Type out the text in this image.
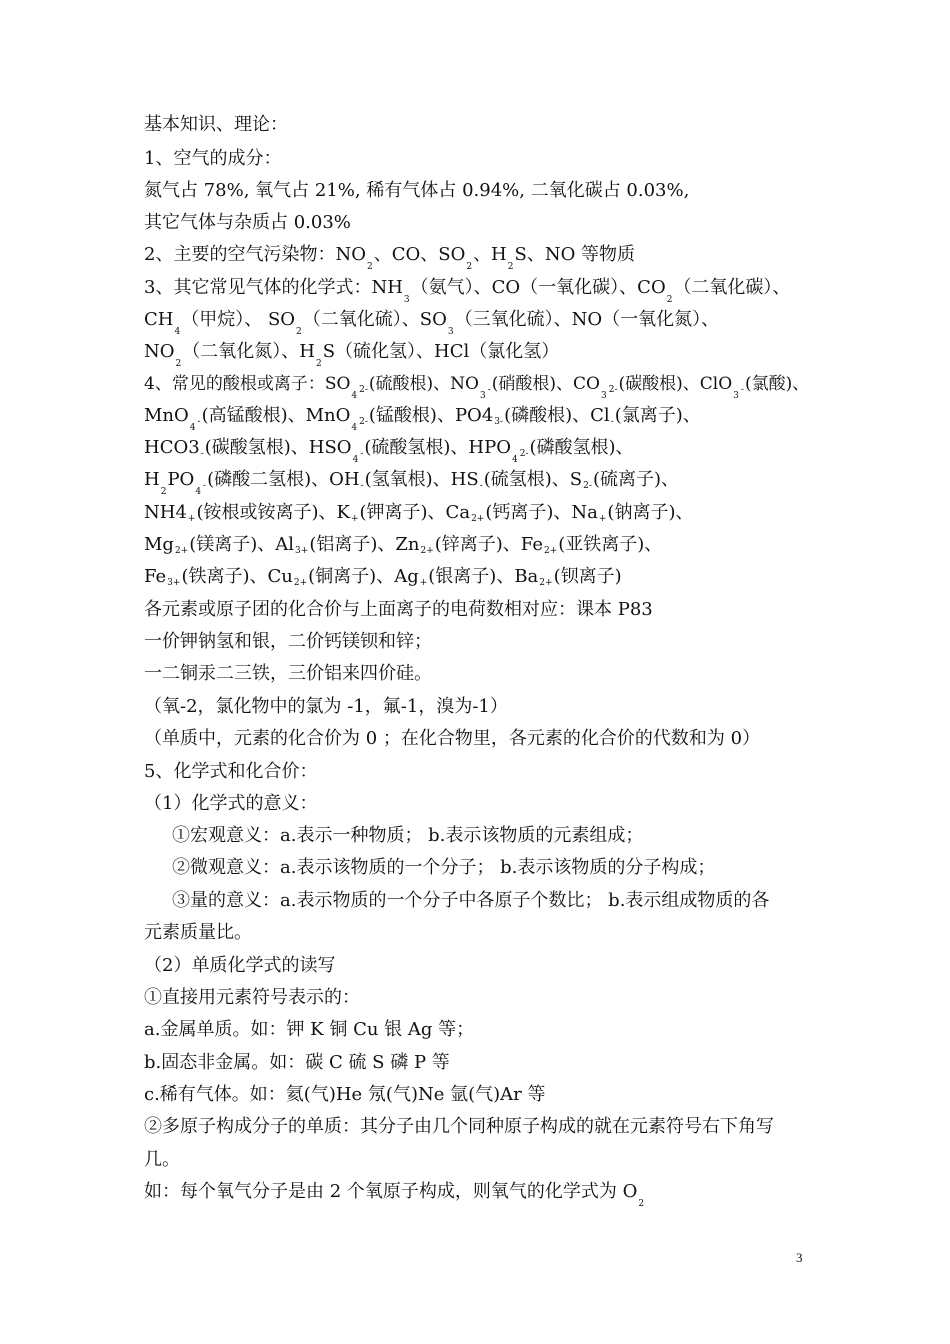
基本知识、理论：
1、空气的成分：
氮气占 78%, 氧气占 21%, 稀有气体占 0.94%, 二氧化碳占 0.03%,
其它气体与杂质占 0.03%
2、主要的空气污染物：$NO_2$、CO、$SO_2$、$H_2S$、NO 等物质
3、其它常见气体的化学式：$NH_3$（氨气）、CO（一氧化碳）、$CO_2$（二氧化碳）、
$CH_4$（甲烷）、 $SO_2$（二氧化硫）、$SO_3$（三氧化硫）、NO（一氧化氮）、
$NO_2$（二氧化氮）、$H_2S$（硫化氢）、HCl（氯化氢）
4、常见的酸根或离子：$SO_4^{2-}$(硫酸根)、$NO_3^-$(硝酸根)、$CO_3^{2-}$(碳酸根)、ClO$_3$-(氯酸)、
MnO$_4$-(高锰酸根)、MnO$_4^{2-}$(锰酸根)、$PO4^{3-}$(磷酸根)、Cl-(氯离子)、
HCO3-(碳酸氢根)、$HSO_4^-$(硫酸氢根)、$HPO_4^{2-}$(磷酸氢根)、
$H_2PO_4^-$(磷酸二氢根)、OH-(氢氧根)、HS-(硫氢根)、$S^{2-}$(硫离子)、
NH4+(铵根或铵离子)、K+(钾离子)、$Ca^{2+}$(钙离子)、Na+(钠离子)、
$Mg^{2+}$(镁离子)、$Al^{3+}$(铝离子)、$Zn^{2+}$(锌离子)、$Fe^{2+}$(亚铁离子)、
$Fe^{3+}$(铁离子)、$Cu^{2+}$(铜离子)、Ag+(银离子)、$Ba^{2+}$(钡离子)
各元素或原子团的化合价与上面离子的电荷数相对应：课本 P83
一价钾钠氢和银，二价钙镁钡和锌；
一二铜汞二三铁，三价铝来四价硅。
（氧-2，氯化物中的氯为 -1，氟-1，溴为-1）
（单质中，元素的化合价为 0 ；在化合物里，各元素的化合价的代数和为 0）
5、化学式和化合价：
（1）化学式的意义：
①宏观意义：a.表示一种物质； b.表示该物质的元素组成；
②微观意义：a.表示该物质的一个分子； b.表示该物质的分子构成；
③量的意义：a.表示物质的一个分子中各原子个数比； b.表示组成物质的各
元素质量比。
（2）单质化学式的读写
①直接用元素符号表示的：
a.金属单质。如：钾 K 铜 Cu 银 Ag 等；
b.固态非金属。如：碳 C 硫 S 磷 P 等
c.稀有气体。如：氦(气)He 氖(气)Ne 氩(气)Ar 等
②多原子构成分子的单质：其分子由几个同种原子构成的就在元素符号右下角写
几。
如：每个氧气分子是由 2 个氧原子构成，则氧气的化学式为 $O_2$
3
